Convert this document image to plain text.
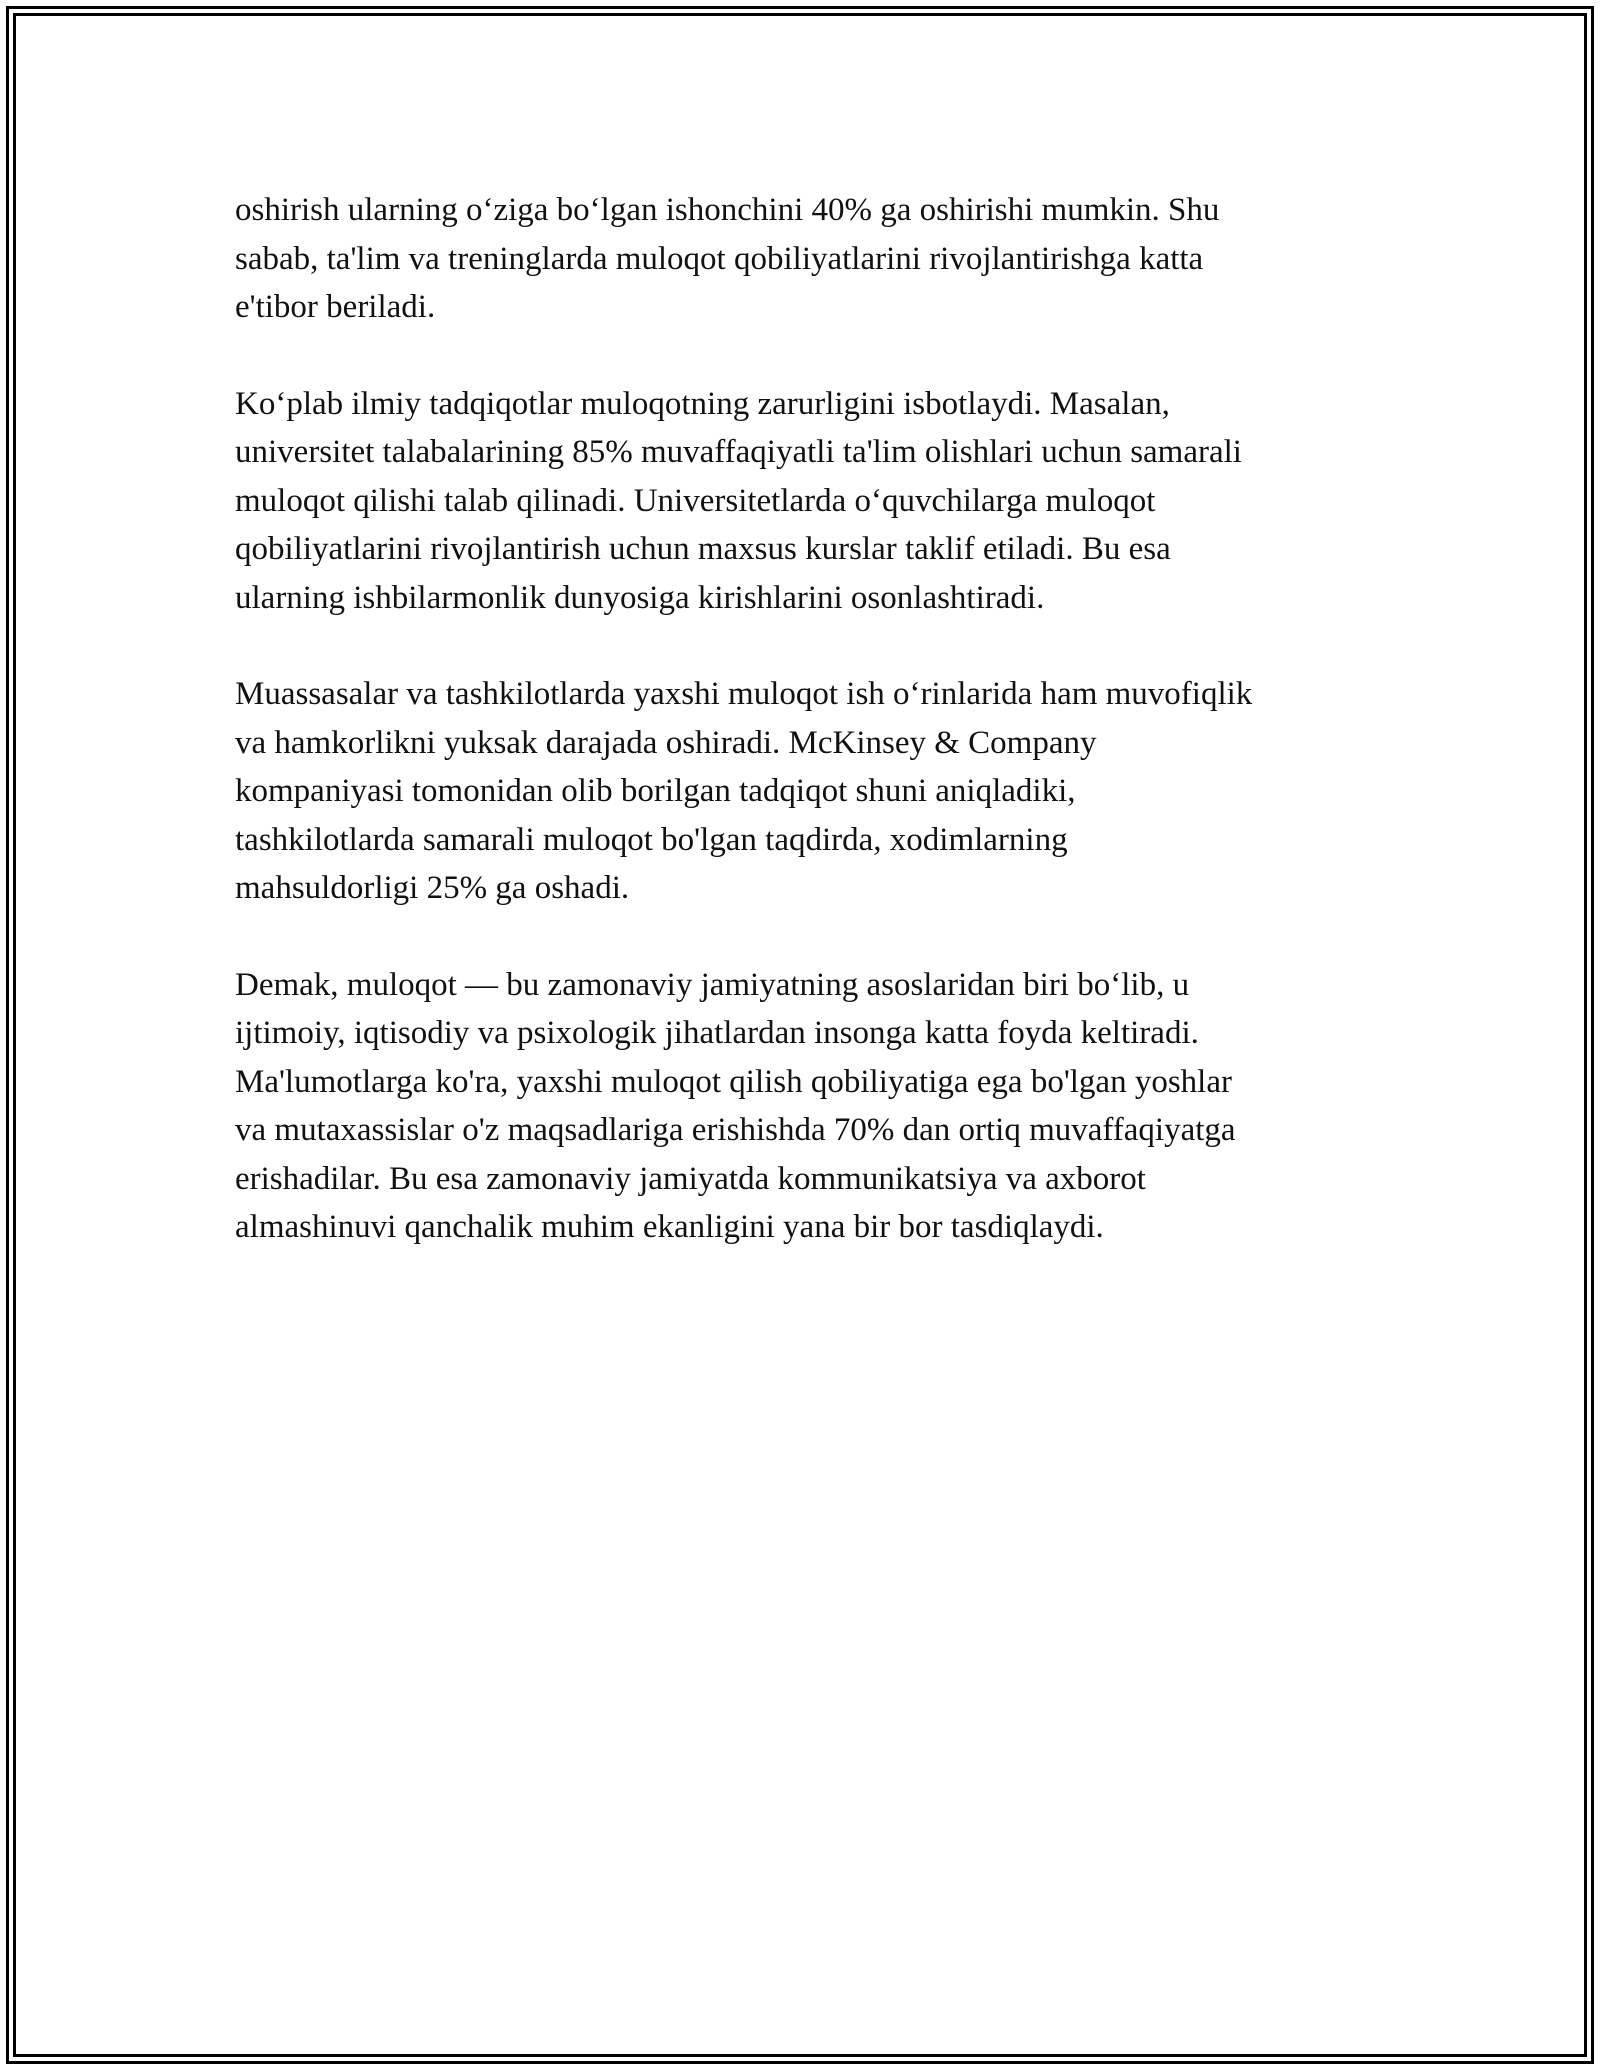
oshirish ularning o‘ziga bo‘lgan ishonchini 40% ga oshirishi mumkin. Shu
sabab, ta'lim va treninglarda muloqot qobiliyatlarini rivojlantirishga katta
e'tibor beriladi.

Ko‘plab ilmiy tadqiqotlar muloqotning zarurligini isbotlaydi. Masalan,
universitet talabalarining 85% muvaffaqiyatli ta'lim olishlari uchun samarali
muloqot qilishi talab qilinadi. Universitetlarda o‘quvchilarga muloqot
qobiliyatlarini rivojlantirish uchun maxsus kurslar taklif etiladi. Bu esa
ularning ishbilarmonlik dunyosiga kirishlarini osonlashtiradi.

Muassasalar va tashkilotlarda yaxshi muloqot ish o‘rinlarida ham muvofiqlik
va hamkorlikni yuksak darajada oshiradi. McKinsey & Company
kompaniyasi tomonidan olib borilgan tadqiqot shuni aniqladiki,
tashkilotlarda samarali muloqot bo'lgan taqdirda, xodimlarning
mahsuldorligi 25% ga oshadi.

Demak, muloqot — bu zamonaviy jamiyatning asoslaridan biri bo‘lib, u
ijtimoiy, iqtisodiy va psixologik jihatlardan insonga katta foyda keltiradi.
Ma'lumotlarga ko'ra, yaxshi muloqot qilish qobiliyatiga ega bo'lgan yoshlar
va mutaxassislar o'z maqsadlariga erishishda 70% dan ortiq muvaffaqiyatga
erishadilar. Bu esa zamonaviy jamiyatda kommunikatsiya va axborot
almashinuvi qanchalik muhim ekanligini yana bir bor tasdiqlaydi.
